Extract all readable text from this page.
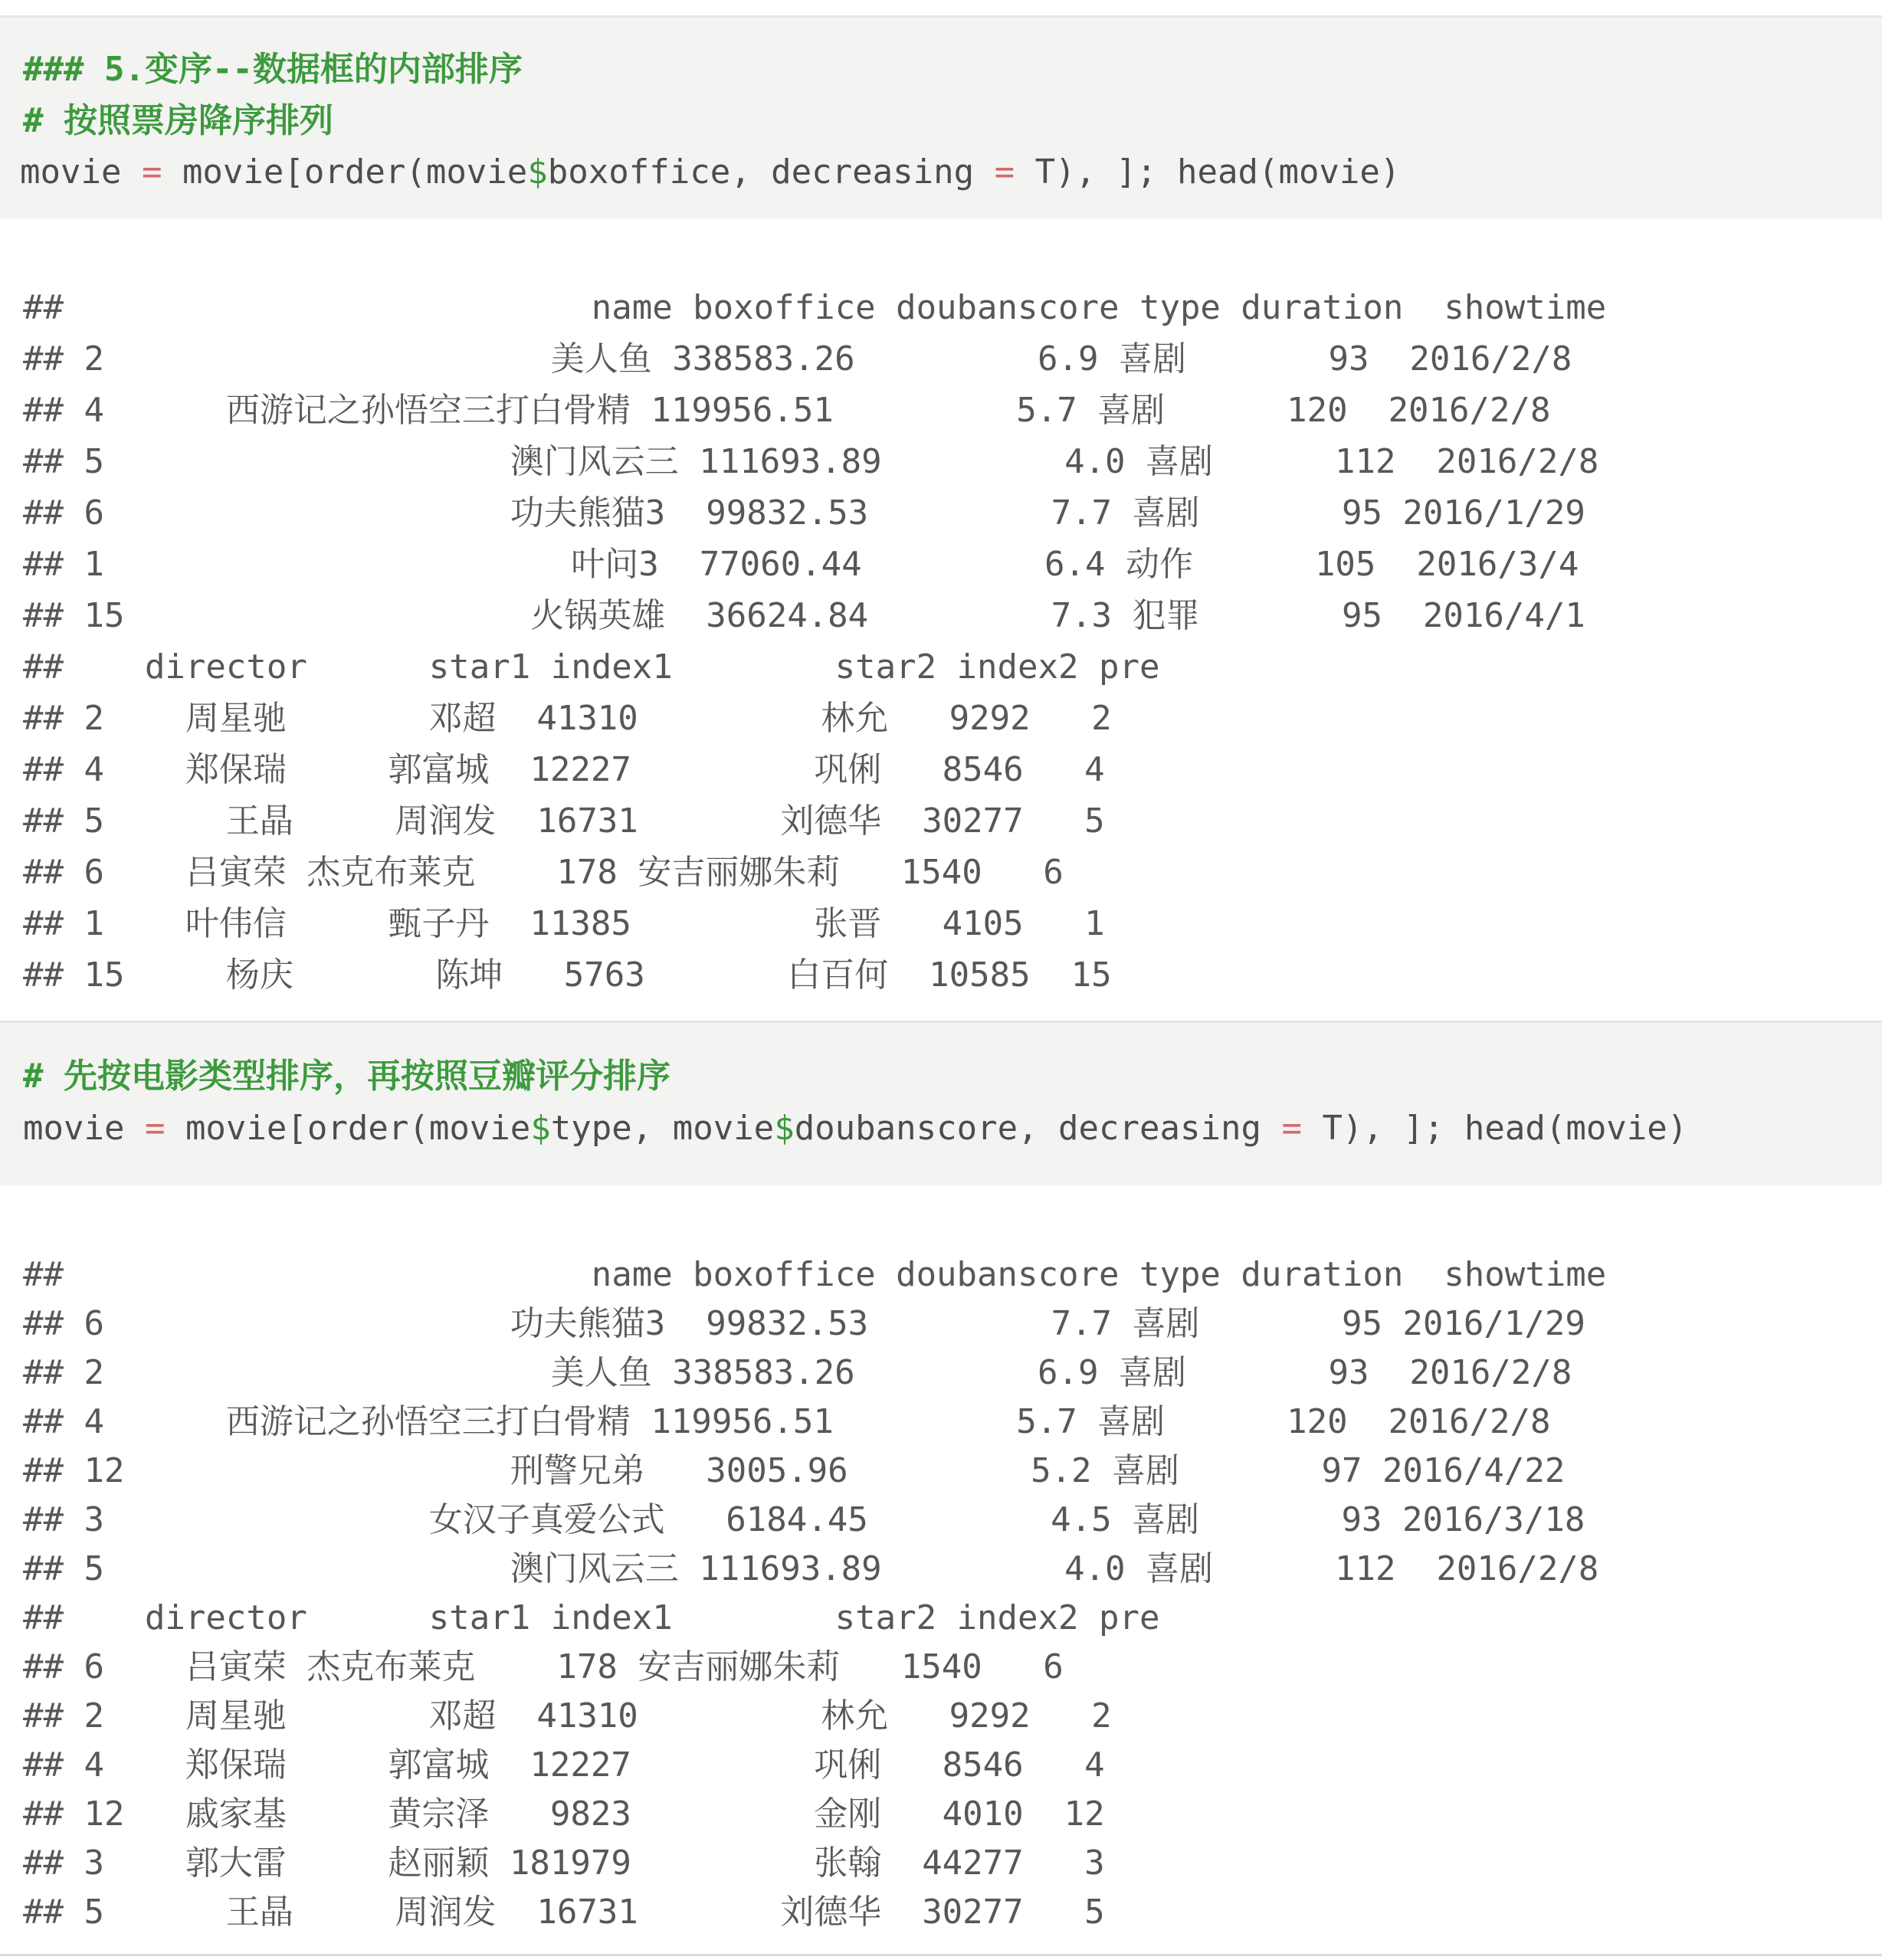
### 5.变序--数据框的内部排序
# 按照票房降序排列
movie = movie[order(movie$boxoffice, decreasing = T), ]; head(movie)
##                          name boxoffice doubanscore type duration  showtime
## 2                      美人鱼 338583.26         6.9 喜剧       93  2016/2/8
## 4      西游记之孙悟空三打白骨精 119956.51         5.7 喜剧      120  2016/2/8
## 5                    澳门风云三 111693.89         4.0 喜剧      112  2016/2/8
## 6                    功夫熊猫3  99832.53         7.7 喜剧       95 2016/1/29
## 1                       叶问3  77060.44         6.4 动作      105  2016/3/4
## 15                    火锅英雄  36624.84         7.3 犯罪       95  2016/4/1
##    director      star1 index1        star2 index2 pre
## 2    周星驰       邓超  41310         林允   9292   2
## 4    郑保瑞     郭富城  12227         巩俐   8546   4
## 5      王晶     周润发  16731       刘德华  30277   5
## 6    吕寅荣 杰克布莱克    178 安吉丽娜朱莉   1540   6
## 1    叶伟信     甄子丹  11385         张晋   4105   1
## 15     杨庆       陈坤   5763       白百何  10585  15
# 先按电影类型排序，再按照豆瓣评分排序
movie = movie[order(movie$type, movie$doubanscore, decreasing = T), ]; head(movie)
##                          name boxoffice doubanscore type duration  showtime
## 6                    功夫熊猫3  99832.53         7.7 喜剧       95 2016/1/29
## 2                      美人鱼 338583.26         6.9 喜剧       93  2016/2/8
## 4      西游记之孙悟空三打白骨精 119956.51         5.7 喜剧      120  2016/2/8
## 12                   刑警兄弟   3005.96         5.2 喜剧       97 2016/4/22
## 3                女汉子真爱公式   6184.45         4.5 喜剧       93 2016/3/18
## 5                    澳门风云三 111693.89         4.0 喜剧      112  2016/2/8
##    director      star1 index1        star2 index2 pre
## 6    吕寅荣 杰克布莱克    178 安吉丽娜朱莉   1540   6
## 2    周星驰       邓超  41310         林允   9292   2
## 4    郑保瑞     郭富城  12227         巩俐   8546   4
## 12   戚家基     黄宗泽   9823         金刚   4010  12
## 3    郭大雷     赵丽颖 181979         张翰  44277   3
## 5      王晶     周润发  16731       刘德华  30277   5
